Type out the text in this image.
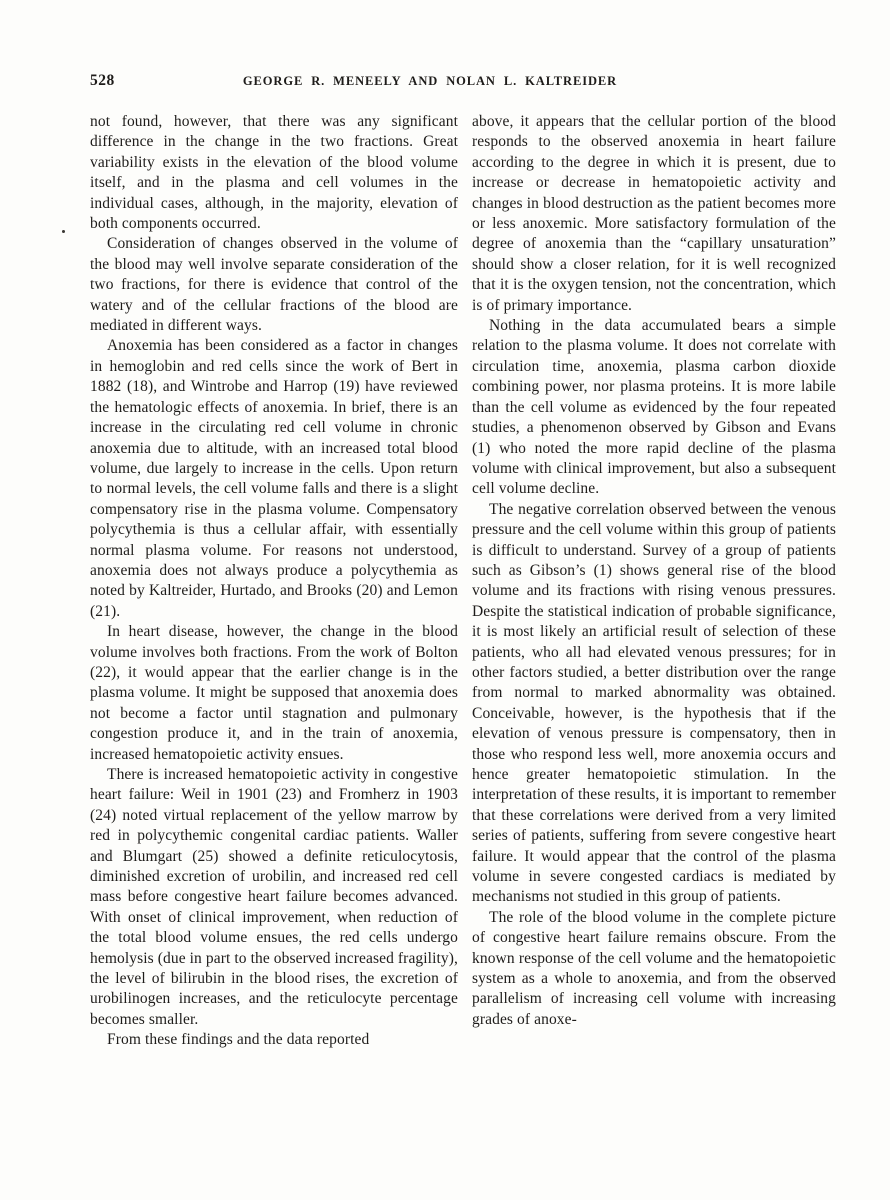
528	GEORGE R. MENEELY AND NOLAN L. KALTREIDER

not found, however, that there was any significant difference in the change in the two fractions. Great variability exists in the elevation of the blood volume itself, and in the plasma and cell volumes in the individual cases, although, in the majority, elevation of both components occurred.

Consideration of changes observed in the volume of the blood may well involve separate consideration of the two fractions, for there is evidence that control of the watery and of the cellular fractions of the blood are mediated in different ways.

Anoxemia has been considered as a factor in changes in hemoglobin and red cells since the work of Bert in 1882 (18), and Wintrobe and Harrop (19) have reviewed the hematologic effects of anoxemia. In brief, there is an increase in the circulating red cell volume in chronic anoxemia due to altitude, with an increased total blood volume, due largely to increase in the cells. Upon return to normal levels, the cell volume falls and there is a slight compensatory rise in the plasma volume. Compensatory polycythemia is thus a cellular affair, with essentially normal plasma volume. For reasons not understood, anoxemia does not always produce a polycythemia as noted by Kaltreider, Hurtado, and Brooks (20) and Lemon (21).

In heart disease, however, the change in the blood volume involves both fractions. From the work of Bolton (22), it would appear that the earlier change is in the plasma volume. It might be supposed that anoxemia does not become a factor until stagnation and pulmonary congestion produce it, and in the train of anoxemia, increased hematopoietic activity ensues.

There is increased hematopoietic activity in congestive heart failure: Weil in 1901 (23) and Fromherz in 1903 (24) noted virtual replacement of the yellow marrow by red in polycythemic congenital cardiac patients. Waller and Blumgart (25) showed a definite reticulocytosis, diminished excretion of urobilin, and increased red cell mass before congestive heart failure becomes advanced. With onset of clinical improvement, when reduction of the total blood volume ensues, the red cells undergo hemolysis (due in part to the observed increased fragility), the level of bilirubin in the blood rises, the excretion of urobilinogen increases, and the reticulocyte percentage becomes smaller.

From these findings and the data reported

above, it appears that the cellular portion of the blood responds to the observed anoxemia in heart failure according to the degree in which it is present, due to increase or decrease in hematopoietic activity and changes in blood destruction as the patient becomes more or less anoxemic. More satisfactory formulation of the degree of anoxemia than the “capillary unsaturation” should show a closer relation, for it is well recognized that it is the oxygen tension, not the concentration, which is of primary importance.

Nothing in the data accumulated bears a simple relation to the plasma volume. It does not correlate with circulation time, anoxemia, plasma carbon dioxide combining power, nor plasma proteins. It is more labile than the cell volume as evidenced by the four repeated studies, a phenomenon observed by Gibson and Evans (1) who noted the more rapid decline of the plasma volume with clinical improvement, but also a subsequent cell volume decline.

The negative correlation observed between the venous pressure and the cell volume within this group of patients is difficult to understand. Survey of a group of patients such as Gibson’s (1) shows general rise of the blood volume and its fractions with rising venous pressures. Despite the statistical indication of probable significance, it is most likely an artificial result of selection of these patients, who all had elevated venous pressures; for in other factors studied, a better distribution over the range from normal to marked abnormality was obtained. Conceivable, however, is the hypothesis that if the elevation of venous pressure is compensatory, then in those who respond less well, more anoxemia occurs and hence greater hematopoietic stimulation. In the interpretation of these results, it is important to remember that these correlations were derived from a very limited series of patients, suffering from severe congestive heart failure. It would appear that the control of the plasma volume in severe congested cardiacs is mediated by mechanisms not studied in this group of patients.

The role of the blood volume in the complete picture of congestive heart failure remains obscure. From the known response of the cell volume and the hematopoietic system as a whole to anoxemia, and from the observed parallelism of increasing cell volume with increasing grades of anoxe-
